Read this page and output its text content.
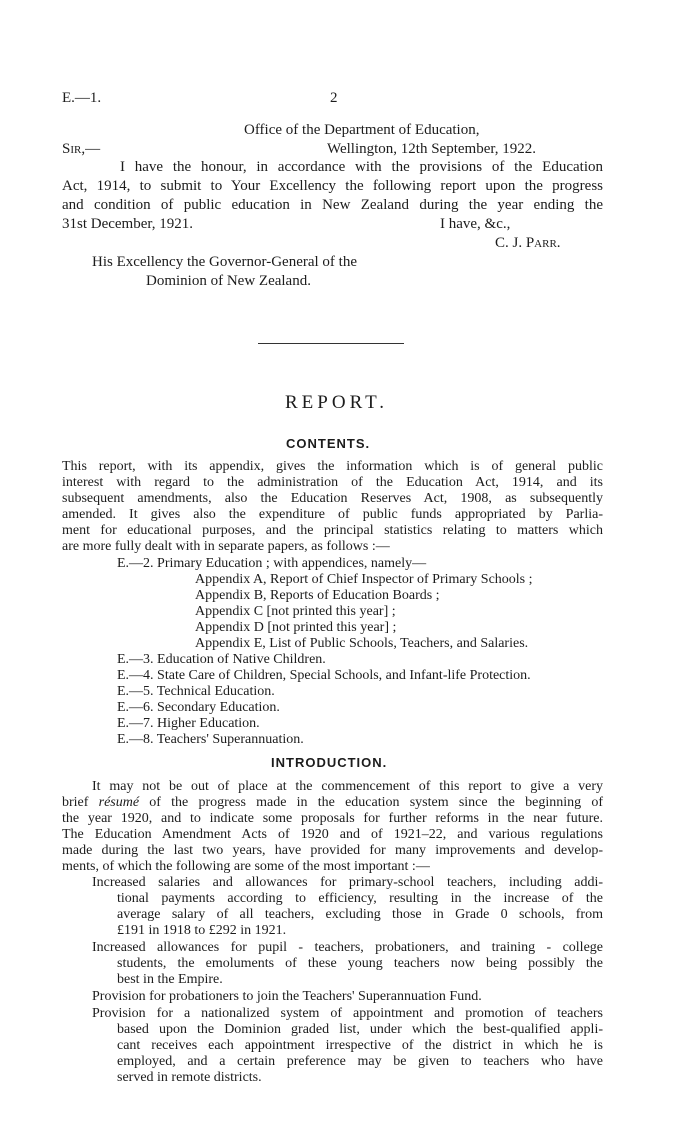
E.—1.	2
Office of the Department of Education,
Sir,—	Wellington, 12th September, 1922.
I have the honour, in accordance with the provisions of the Education
Act, 1914, to submit to Your Excellency the following report upon the progress
and condition of public education in New Zealand during the year ending the
31st December, 1921.	I have, &c.,
C. J. Parr.
His Excellency the Governor-General of the
Dominion of New Zealand.
REPORT.
CONTENTS.
This report, with its appendix, gives the information which is of general public
interest with regard to the administration of the Education Act, 1914, and its
subsequent amendments, also the Education Reserves Act, 1908, as subsequently
amended. It gives also the expenditure of public funds appropriated by Parlia-
ment for educational purposes, and the principal statistics relating to matters which
are more fully dealt with in separate papers, as follows :—
E.—2. Primary Education ; with appendices, namely—
Appendix A, Report of Chief Inspector of Primary Schools ;
Appendix B, Reports of Education Boards ;
Appendix C [not printed this year] ;
Appendix D [not printed this year] ;
Appendix E, List of Public Schools, Teachers, and Salaries.
E.—3. Education of Native Children.
E.—4. State Care of Children, Special Schools, and Infant-life Protection.
E.—5. Technical Education.
E.—6. Secondary Education.
E.—7. Higher Education.
E.—8. Teachers' Superannuation.
INTRODUCTION.
It may not be out of place at the commencement of this report to give a very
brief résumé of the progress made in the education system since the beginning of
the year 1920, and to indicate some proposals for further reforms in the near future.
The Education Amendment Acts of 1920 and of 1921–22, and various regulations
made during the last two years, have provided for many improvements and develop-
ments, of which the following are some of the most important :—
Increased salaries and allowances for primary-school teachers, including addi-
tional payments according to efficiency, resulting in the increase of the
average salary of all teachers, excluding those in Grade 0 schools, from
£191 in 1918 to £292 in 1921.
Increased allowances for pupil - teachers, probationers, and training - college
students, the emoluments of these young teachers now being possibly the
best in the Empire.
Provision for probationers to join the Teachers' Superannuation Fund.
Provision for a nationalized system of appointment and promotion of teachers
based upon the Dominion graded list, under which the best-qualified appli-
cant receives each appointment irrespective of the district in which he is
employed, and a certain preference may be given to teachers who have
served in remote districts.
